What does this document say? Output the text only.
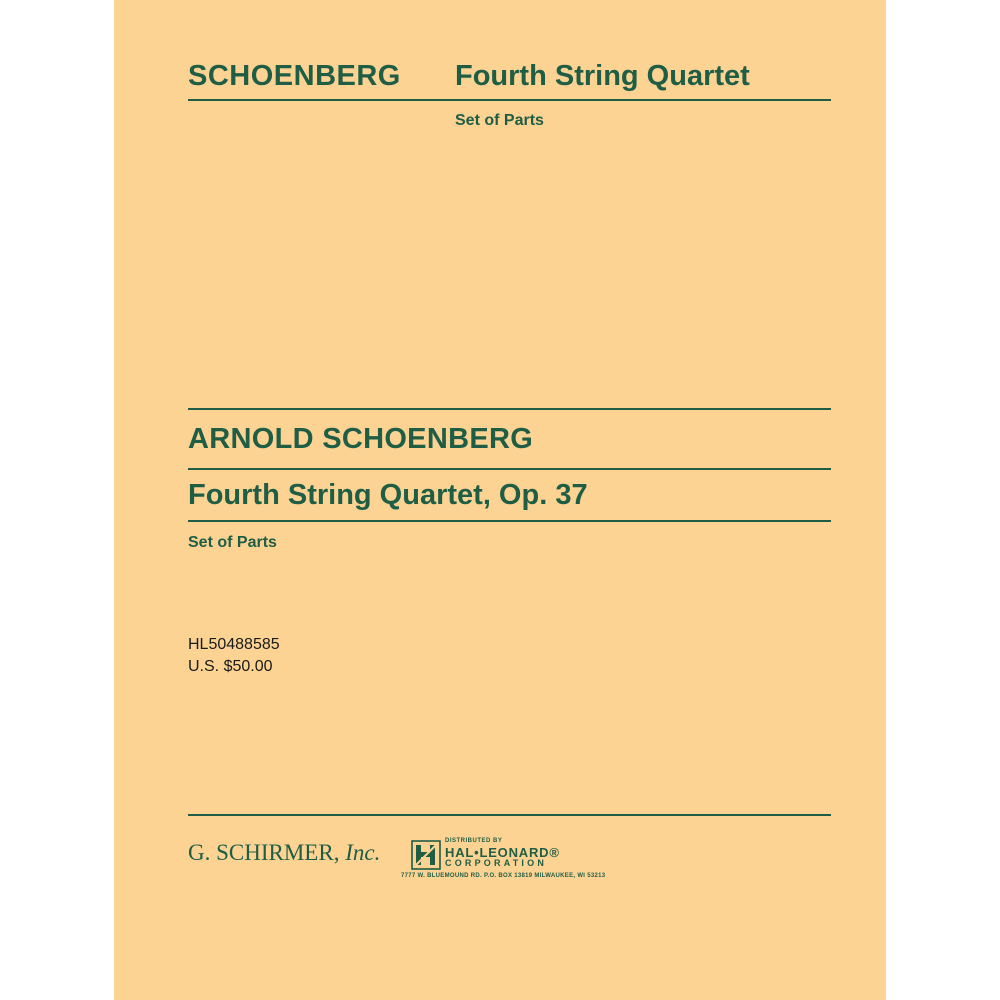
SCHOENBERG Fourth String Quartet
Set of Parts
ARNOLD SCHOENBERG
Fourth String Quartet, Op. 37
Set of Parts
HL50488585
U.S. $50.00
G. SCHIRMER, Inc.	DISTRIBUTED BY
HAL•LEONARD®
CORPORATION
7777 W. BLUEMOUND RD. P.O. BOX 13819 MILWAUKEE, WI 53213
